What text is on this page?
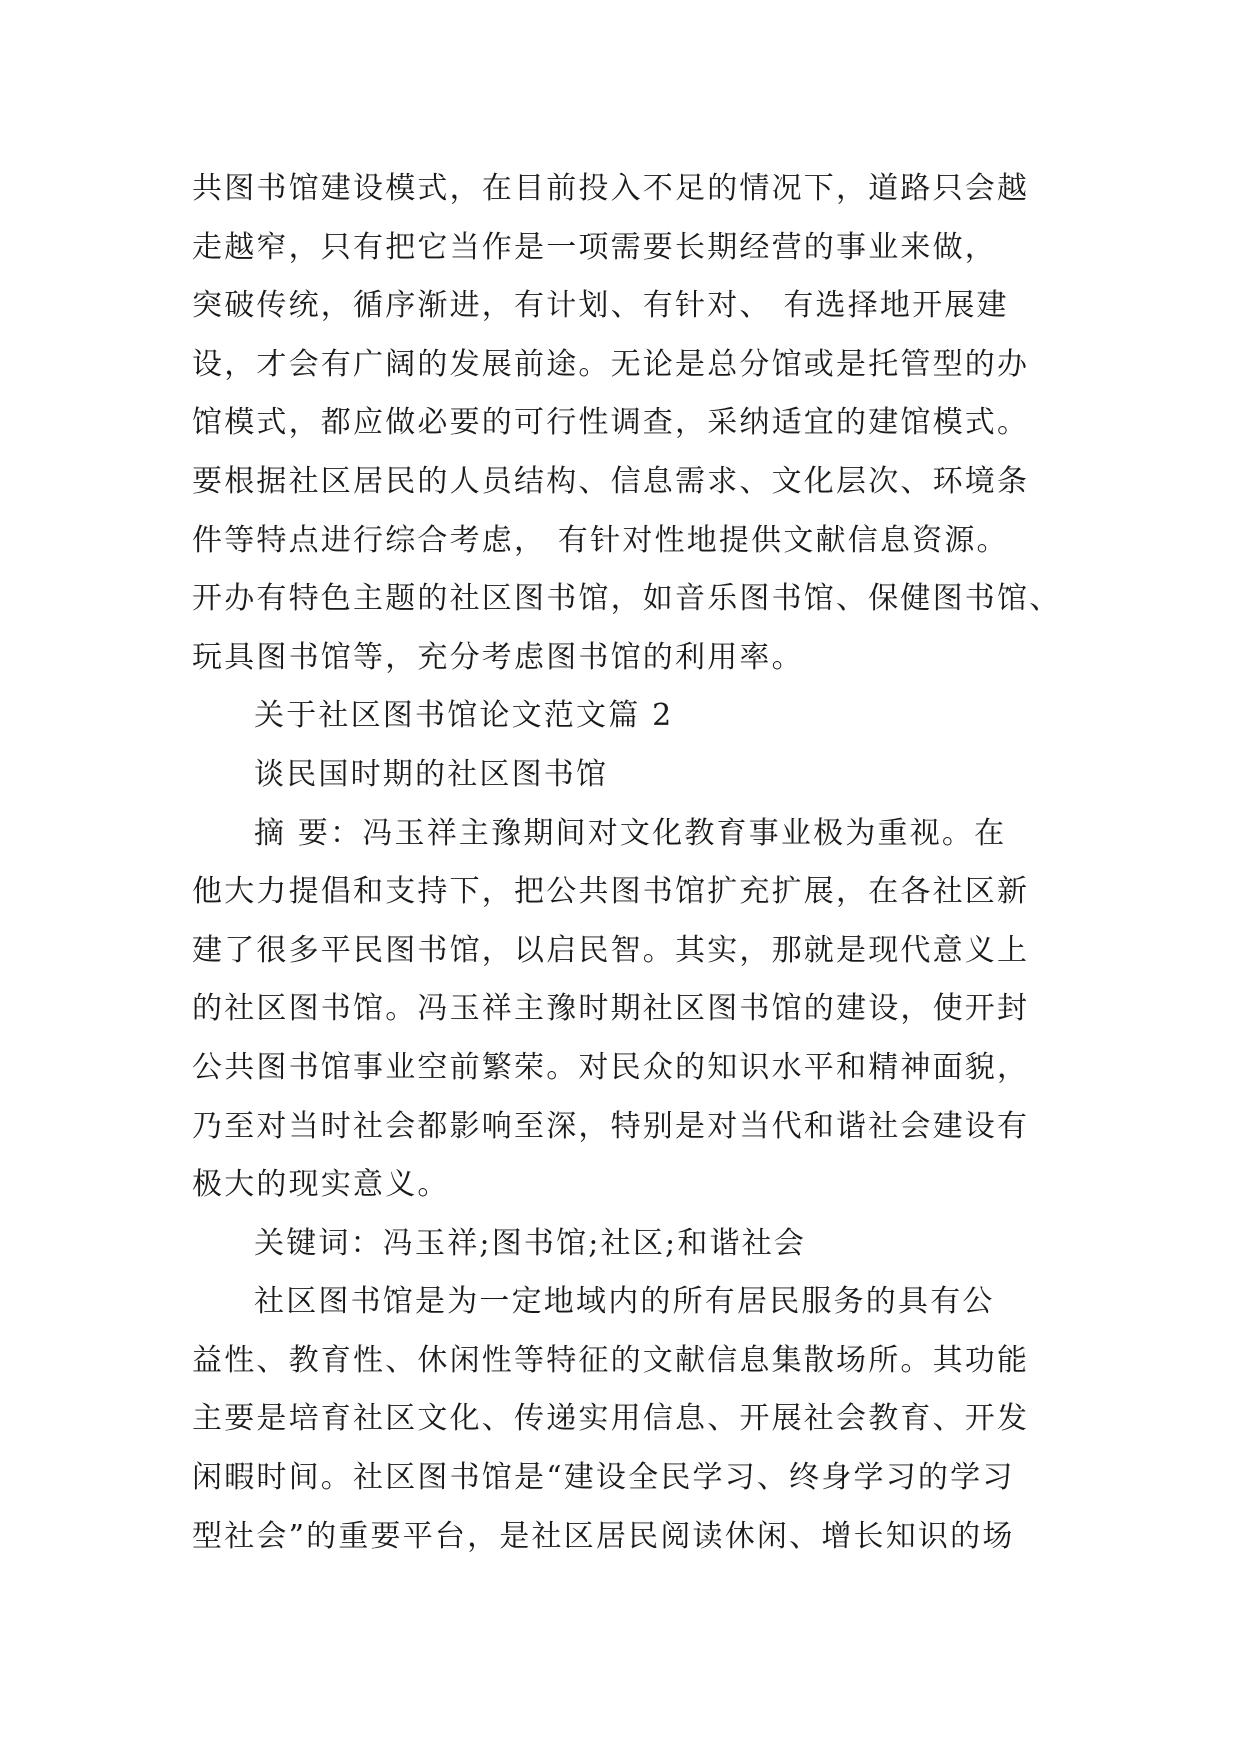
共图书馆建设模式，在目前投入不足的情况下，道路只会越
走越窄，只有把它当作是一项需要长期经营的事业来做，
突破传统，循序渐进，有计划、有针对、 有选择地开展建
设，才会有广阔的发展前途。无论是总分馆或是托管型的办
馆模式，都应做必要的可行性调查，采纳适宜的建馆模式。
要根据社区居民的人员结构、信息需求、文化层次、环境条
件等特点进行综合考虑， 有针对性地提供文献信息资源。
开办有特色主题的社区图书馆，如音乐图书馆、保健图书馆、
玩具图书馆等，充分考虑图书馆的利用率。
关于社区图书馆论文范文篇 2
谈民国时期的社区图书馆
摘 要：冯玉祥主豫期间对文化教育事业极为重视。在
他大力提倡和支持下，把公共图书馆扩充扩展，在各社区新
建了很多平民图书馆，以启民智。其实，那就是现代意义上
的社区图书馆。冯玉祥主豫时期社区图书馆的建设，使开封
公共图书馆事业空前繁荣。对民众的知识水平和精神面貌，
乃至对当时社会都影响至深，特别是对当代和谐社会建设有
极大的现实意义。
关键词：冯玉祥;图书馆;社区;和谐社会
社区图书馆是为一定地域内的所有居民服务的具有公
益性、教育性、休闲性等特征的文献信息集散场所。其功能
主要是培育社区文化、传递实用信息、开展社会教育、开发
闲暇时间。社区图书馆是“建设全民学习、终身学习的学习
型社会”的重要平台，是社区居民阅读休闲、增长知识的场
